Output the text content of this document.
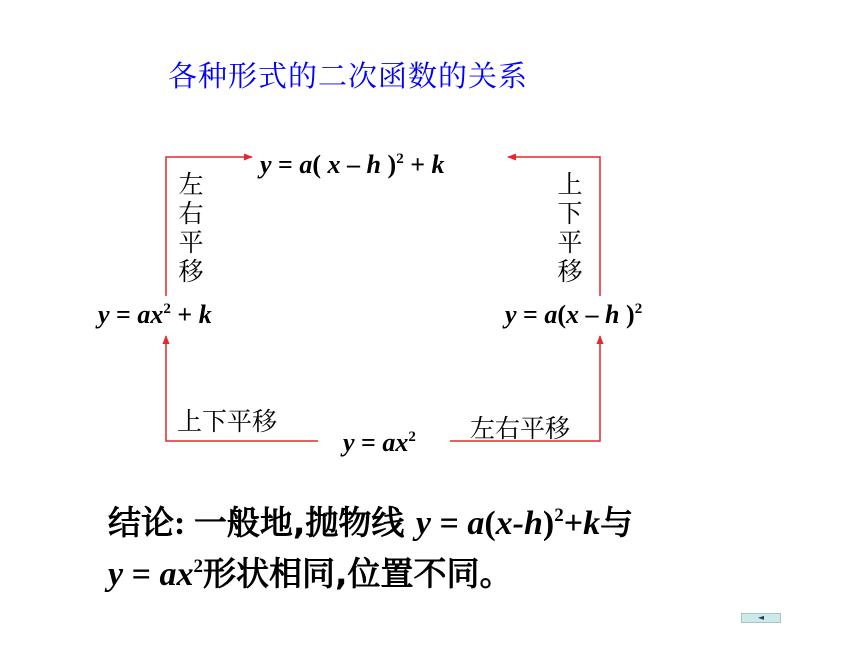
各种形式的二次函数的关系
y = a( x – h )$^2$ + k
左
右
平
移
上
下
平
移
$y = ax^2 + k$	y = a(x – h )$^2$
上下平移	左右平移
$y = ax^2$
结论: 一般地,抛物线 $y = a(x-h)^2+k$与
$y = ax^2$形状相同,位置不同。
◄
